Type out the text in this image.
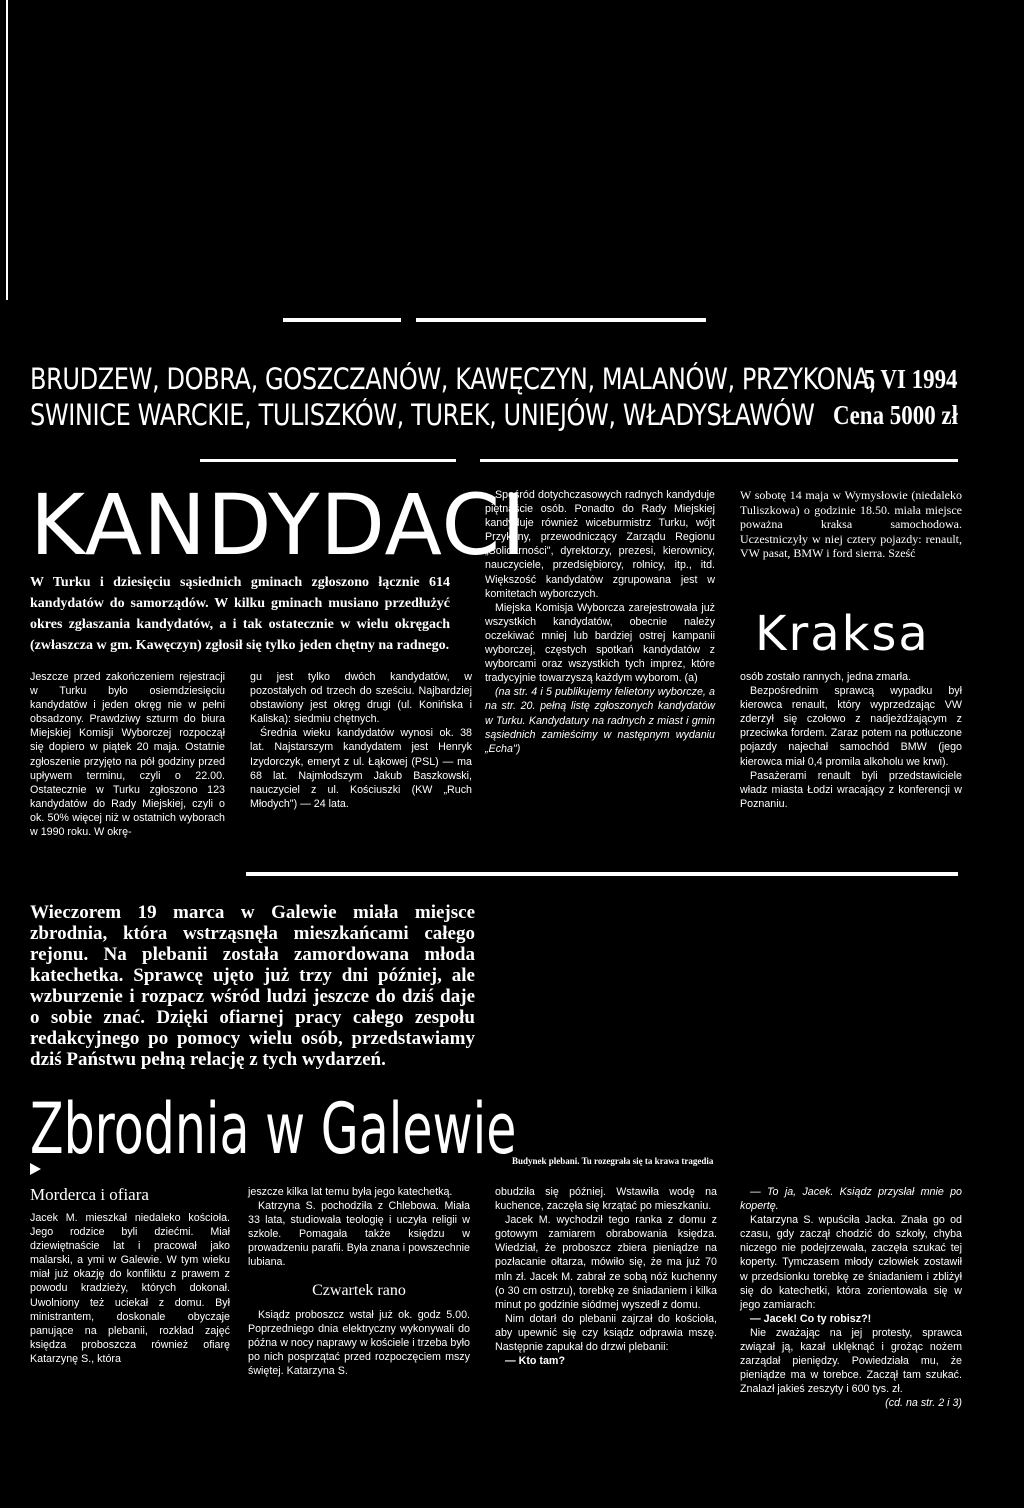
BRUDZEW, DOBRA, GOSZCZANÓW, KAWĘCZYN, MALANÓW, PRZYKONA,
SWINICE WARCKIE, TULISZKÓW, TUREK, UNIEJÓW, WŁADYSŁAWÓW
5 VI 1994
Cena 5000 zł
KANDYDACI
W Turku i dziesięciu sąsiednich gminach zgłoszono łącznie 614 kandydatów do samorządów. W kilku gminach musiano przedłużyć okres zgłaszania kandydatów, a i tak ostatecznie w wielu okręgach (zwłaszcza w gm. Kawęczyn) zgłosił się tylko jeden chętny na radnego.

Jeszcze przed zakończeniem rejestracji w Turku było osiemdziesięciu kandydatów i jeden okręg nie w pełni obsadzony. Prawdziwy szturm do biura Miejskiej Komisji Wyborczej rozpoczął się dopiero w piątek 20 maja. Ostatnie zgłoszenie przyjęto na pół godziny przed upływem terminu, czyli o 22.00. Ostatecznie w Turku zgłoszono 123 kandydatów do Rady Miejskiej, czyli o ok. 50% więcej niż w ostatnich wyborach w 1990 roku. W okrę-

gu jest tylko dwóch kandydatów, w pozostałych od trzech do sześciu. Najbardziej obstawiony jest okręg drugi (ul. Konińska i Kaliska): siedmiu chętnych.

Średnia wieku kandydatów wynosi ok. 38 lat. Najstarszym kandydatem jest Henryk Izydorczyk, emeryt z ul. Łąkowej (PSL) — ma 68 lat. Najmłodszym Jakub Baszkowski, nauczyciel z ul. Kościuszki (KW „Ruch Młodych") — 24 lata.

Spośród dotychczasowych radnych kandyduje piętnaście osób. Ponadto do Rady Miejskiej kandyduje również wiceburmistrz Turku, wójt Przykony, przewodniczący Zarządu Regionu „Solidarności", dyrektorzy, prezesi, kierownicy, nauczyciele, przedsiębiorcy, rolnicy, itp., itd. Większość kandydatów zgrupowana jest w komitetach wyborczych.

Miejska Komisja Wyborcza zarejestrowała już wszystkich kandydatów, obecnie należy oczekiwać mniej lub bardziej ostrej kampanii wyborczej, częstych spotkań kandydatów z wyborcami oraz wszystkich tych imprez, które tradycyjnie towarzyszą każdym wyborom. (a)

(na str. 4 i 5 publikujemy felietony wyborcze, a na str. 20. pełną listę zgłoszonych kandydatów w Turku. Kandydatury na radnych z miast i gmin sąsiednich zamieścimy w następnym wydaniu „Echa")

W sobotę 14 maja w Wymysłowie (niedaleko Tuliszkowa) o godzinie 18.50. miała miejsce poważna kraksa samochodowa. Uczestniczyły w niej cztery pojazdy: renault, VW pasat, BMW i ford sierra. Sześć
Kraksa

osób zostało rannych, jedna zmarła.

Bezpośrednim sprawcą wypadku był kierowca renault, który wyprzedzając VW zderzył się czołowo z nadjeżdżającym z przeciwka fordem. Zaraz potem na potłuczone pojazdy najechał samochód BMW (jego kierowca miał 0,4 promila alkoholu we krwi).

Pasażerami renault byli przedstawiciele władz miasta Łodzi wracający z konferencji w Poznaniu.

Wieczorem 19 marca w Galewie miała miejsce zbrodnia, która wstrząsnęła mieszkańcami całego rejonu. Na plebanii została zamordowana młoda katechetka. Sprawcę ujęto już trzy dni później, ale wzburzenie i rozpacz wśród ludzi jeszcze do dziś daje o sobie znać. Dzięki ofiarnej pracy całego zespołu redakcyjnego po pomocy wielu osób, przedstawiamy dziś Państwu pełną relację z tych wydarzeń.
Zbrodnia w Galewie
Morderca i ofiara
Jacek M. mieszkał niedaleko kościoła. Jego rodzice byli dziećmi. Miał dziewiętnaście lat i pracował jako malarski, a ymi w Galewie. W tym wieku miał już okazję do konfliktu z prawem z powodu kradzieży, których dokonał. Uwolniony też uciekał z domu. Był ministrantem, doskonale obyczaje panujące na plebanii, rozkład zajęć księdza proboszcza również ofiarę Katarzynę S., która

jeszcze kilka lat temu była jego katechetką.

Katrzyna S. pochodziła z Chlebowa. Miała 33 lata, studiowała teologię i uczyła religii w szkole. Pomagała także księdzu w prowadzeniu parafii. Była znana i powszechnie lubiana.

Czwartek rano

Ksiądz proboszcz wstał już ok. godz 5.00. Poprzedniego dnia elektryczny wykonywali do późna w nocy naprawy w kościele i trzeba było po nich posprzątać przed rozpoczęciem mszy świętej. Katarzyna S.

Budynek plebani. Tu rozegrała się ta krawa tragedia

obudziła się później. Wstawiła wodę na kuchence, zaczęła się krzątać po mieszkaniu.

Jacek M. wychodził tego ranka z domu z gotowym zamiarem obrabowania księdza. Wiedział, że proboszcz zbiera pieniądze na pozłacanie ołtarza, mówiło się, że ma już 70 mln zł. Jacek M. zabrał ze sobą nóż kuchenny (o 30 cm ostrzu), torebkę ze śniadaniem i kilka minut po godzinie siódmej wyszedł z domu.

Nim dotarł do plebanii zajrzał do kościoła, aby upewnić się czy ksiądz odprawia mszę. Następnie zapukał do drzwi plebanii:

— Kto tam?

— To ja, Jacek. Ksiądz przysłał mnie po kopertę.

Katarzyna S. wpuściła Jacka. Znała go od czasu, gdy zaczął chodzić do szkoły, chyba niczego nie podejrzewała, zaczęła szukać tej koperty. Tymczasem młody człowiek zostawił w przedsionku torebkę ze śniadaniem i zbliżył się do katechetki, która zorientowała się w jego zamiarach:

— Jacek! Co ty robisz?!

Nie zważając na jej protesty, sprawca związał ją, kazał uklęknąć i grożąc nożem zarządał pieniędzy. Powiedziała mu, że pieniądze ma w torebce. Zaczął tam szukać. Znalazł jakieś zeszyty i 600 tys. zł.

(cd. na str. 2 i 3)
